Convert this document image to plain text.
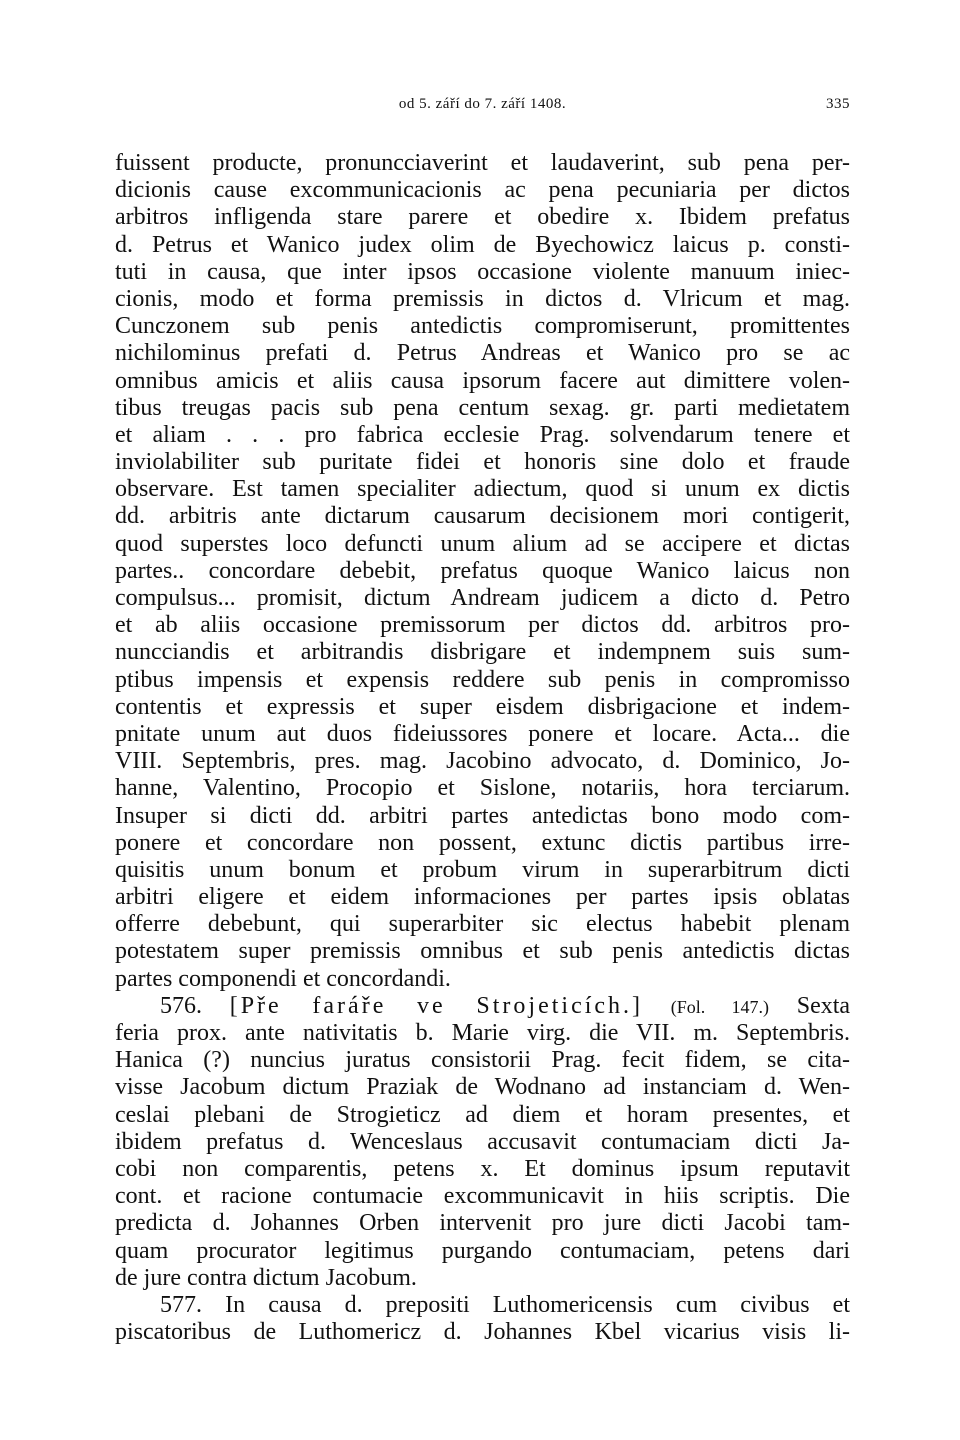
od 5. září do 7. září 1408.	335
fuissent producte, pronuncciaverint et laudaverint, sub pena per-
dicionis cause excommunicacionis ac pena pecuniaria per dictos
arbitros infligenda stare parere et obedire x. Ibidem prefatus
d. Petrus et Wanico judex olim de Byechowicz laicus p. consti-
tuti in causa, que inter ipsos occasione violente manuum iniec-
cionis, modo et forma premissis in dictos d. Vlricum et mag.
Cunczonem sub penis antedictis compromiserunt, promittentes
nichilominus prefati d. Petrus Andreas et Wanico pro se ac
omnibus amicis et aliis causa ipsorum facere aut dimittere volen-
tibus treugas pacis sub pena centum sexag. gr. parti medietatem
et aliam . . . pro fabrica ecclesie Prag. solvendarum tenere et
inviolabiliter sub puritate fidei et honoris sine dolo et fraude
observare. Est tamen specialiter adiectum, quod si unum ex dictis
dd. arbitris ante dictarum causarum decisionem mori contigerit,
quod superstes loco defuncti unum alium ad se accipere et dictas
partes.. concordare debebit, prefatus quoque Wanico laicus non
compulsus... promisit, dictum Andream judicem a dicto d. Petro
et ab aliis occasione premissorum per dictos dd. arbitros pro-
nuncciandis et arbitrandis disbrigare et indempnem suis sum-
ptibus impensis et expensis reddere sub penis in compromisso
contentis et expressis et super eisdem disbrigacione et indem-
pnitate unum aut duos fideiussores ponere et locare. Acta... die
VIII. Septembris, pres. mag. Jacobino advocato, d. Dominico, Jo-
hanne, Valentino, Procopio et Sislone, notariis, hora terciarum.
Insuper si dicti dd. arbitri partes antedictas bono modo com-
ponere et concordare non possent, extunc dictis partibus irre-
quisitis unum bonum et probum virum in superarbitrum dicti
arbitri eligere et eidem informaciones per partes ipsis oblatas
offerre debebunt, qui superarbiter sic electus habebit plenam
potestatem super premissis omnibus et sub penis antedictis dictas
partes componendi et concordandi.
576. [Pře faráře ve Strojeticích.] (Fol. 147.) Sexta
feria prox. ante nativitatis b. Marie virg. die VII. m. Septembris.
Hanica (?) nuncius juratus consistorii Prag. fecit fidem, se cita-
visse Jacobum dictum Praziak de Wodnano ad instanciam d. Wen-
ceslai plebani de Strogieticz ad diem et horam presentes, et
ibidem prefatus d. Wenceslaus accusavit contumaciam dicti Ja-
cobi non comparentis, petens x. Et dominus ipsum reputavit
cont. et racione contumacie excommunicavit in hiis scriptis. Die
predicta d. Johannes Orben intervenit pro jure dicti Jacobi tam-
quam procurator legitimus purgando contumaciam, petens dari
de jure contra dictum Jacobum.
577. In causa d. prepositi Luthomericensis cum civibus et
piscatoribus de Luthomericz d. Johannes Kbel vicarius visis li-
